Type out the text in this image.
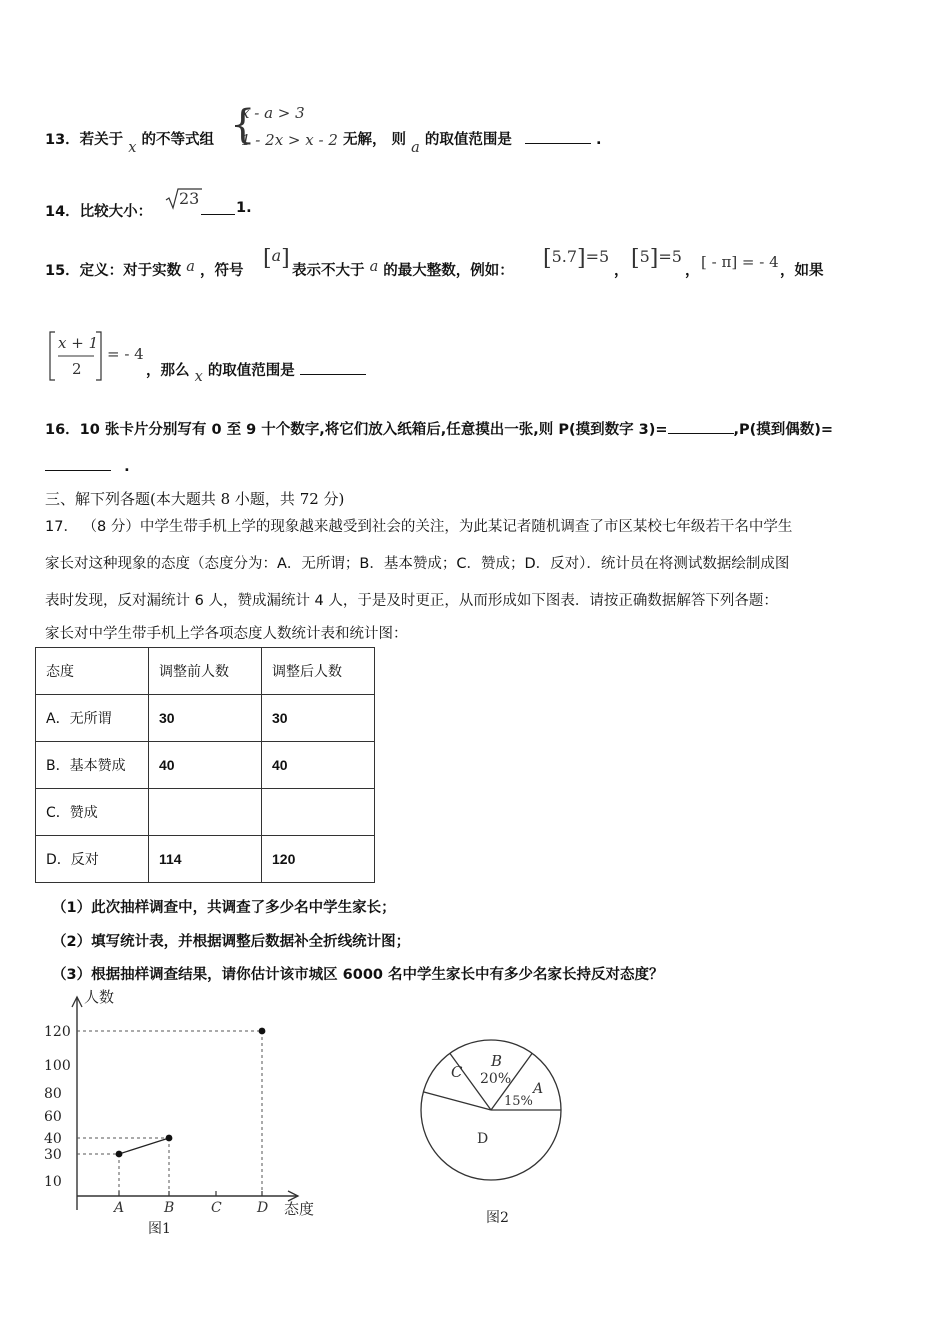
13．若关于 x 的不等式组 {
x - a > 3
1 - 2x > x - 2 无解， 则 a 的取值范围是	.
14．比较大小：
23	1.
15．定义：对于实数 a ，符号 [a] 表示不大于 a 的最大整数，例如： [5.7]=5
， [5]=5
， [ - π] = - 4 ，如果
x + 1
2
= - 4
，那么 x 的取值范围是
16．10 张卡片分别写有 0 至 9 十个数字,将它们放入纸箱后,任意摸出一张,则 P(摸到数字 3)=	,P(摸到偶数)=
.
三、解下列各题(本大题共 8 小题，共 72 分)
17． （8 分）中学生带手机上学的现象越来越受到社会的关注，为此某记者随机调查了市区某校七年级若干名中学生
家长对这种现象的态度（态度分为：A．无所谓；B．基本赞成；C．赞成；D．反对）．统计员在将测试数据绘制成图
表时发现，反对漏统计 6 人，赞成漏统计 4 人，于是及时更正，从而形成如下图表．请按正确数据解答下列各题：
家长对中学生带手机上学各项态度人数统计表和统计图：
态度	调整前人数	调整后人数
A．无所谓	30	30
B．基本赞成	40	40
C．赞成		
D．反对	114	120
（1）此次抽样调查中，共调查了多少名中学生家长；
（2）填写统计表，并根据调整后数据补全折线统计图；
（3）根据抽样调查结果，请你估计该市城区 6000 名中学生家长中有多少名家长持反对态度？
10
30
40
60
80
100
120
A	B	C	D
人数
态度
图1
C
B
20%
A
15%
D
图2
